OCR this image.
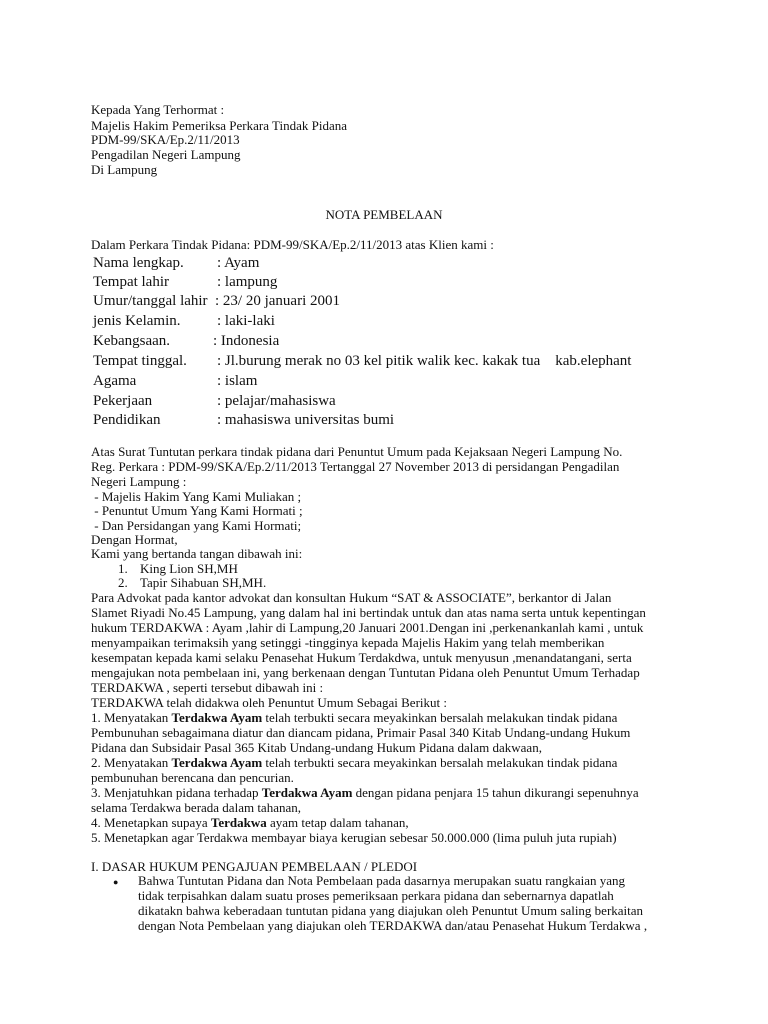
Kepada Yang Terhormat :

Majelis Hakim Pemeriksa Perkara Tindak Pidana

PDM-99/SKA/Ep.2/11/2013

Pengadilan Negeri Lampung

Di Lampung

NOTA PEMBELAAN

Dalam Perkara Tindak Pidana: PDM-99/SKA/Ep.2/11/2013 atas Klien kami :

Nama lengkap. : Ayam
Tempat lahir	: lampung
Umur/tanggal lahir : 23/ 20 januari 2001
jenis Kelamin. : laki-laki
Kebangsaan.	: Indonesia
Tempat tinggal. : Jl.burung merak no 03 kel pitik walik kec. kakak tua    kab.elephant
Agama	: islam
Pekerjaan	: pelajar/mahasiswa
Pendidikan	: mahasiswa universitas bumi

Atas Surat Tuntutan perkara tindak pidana dari Penuntut Umum pada Kejaksaan Negeri Lampung No.

Reg. Perkara : PDM-99/SKA/Ep.2/11/2013 Tertanggal 27 November 2013 di persidangan Pengadilan

Negeri Lampung :

- Majelis Hakim Yang Kami Muliakan ;

- Penuntut Umum Yang Kami Hormati ;

- Dan Persidangan yang Kami Hormati;

Dengan Hormat,

Kami yang bertanda tangan dibawah ini:

1. King Lion SH,MH
2. Tapir Sihabuan SH,MH.

Para Advokat pada kantor advokat dan konsultan Hukum “SAT & ASSOCIATE”, berkantor di Jalan

Slamet Riyadi No.45 Lampung, yang dalam hal ini bertindak untuk dan atas nama serta untuk kepentingan

hukum TERDAKWA : Ayam ,lahir di Lampung,20 Januari 2001.Dengan ini ,perkenankanlah kami , untuk

menyampaikan terimaksih yang setinggi -tingginya kepada Majelis Hakim yang telah memberikan

kesempatan kepada kami selaku Penasehat Hukum Terdakdwa, untuk menyusun ,menandatangani, serta

mengajukan nota pembelaan ini, yang berkenaan dengan Tuntutan Pidana oleh Penuntut Umum Terhadap

TERDAKWA , seperti tersebut dibawah ini :

TERDAKWA telah didakwa oleh Penuntut Umum Sebagai Berikut :

1. Menyatakan Terdakwa Ayam telah terbukti secara meyakinkan bersalah melakukan tindak pidana

Pembunuhan sebagaimana diatur dan diancam pidana, Primair Pasal 340 Kitab Undang-undang Hukum

Pidana dan Subsidair Pasal 365 Kitab Undang-undang Hukum Pidana dalam dakwaan,

2. Menyatakan Terdakwa Ayam telah terbukti secara meyakinkan bersalah melakukan tindak pidana

pembunuhan berencana dan pencurian.

3. Menjatuhkan pidana terhadap Terdakwa Ayam dengan pidana penjara 15 tahun dikurangi sepenuhnya

selama Terdakwa berada dalam tahanan,

4. Menetapkan supaya Terdakwa ayam tetap dalam tahanan,

5. Menetapkan agar Terdakwa membayar biaya kerugian sebesar 50.000.000 (lima puluh juta rupiah)

I. DASAR HUKUM PENGAJUAN PEMBELAAN / PLEDOI

● Bahwa Tuntutan Pidana dan Nota Pembelaan pada dasarnya merupakan suatu rangkaian yang

tidak terpisahkan dalam suatu proses pemeriksaan perkara pidana dan sebernarnya dapatlah

dikatakn bahwa keberadaan tuntutan pidana yang diajukan oleh Penuntut Umum saling berkaitan

dengan Nota Pembelaan yang diajukan oleh TERDAKWA dan/atau Penasehat Hukum Terdakwa ,
